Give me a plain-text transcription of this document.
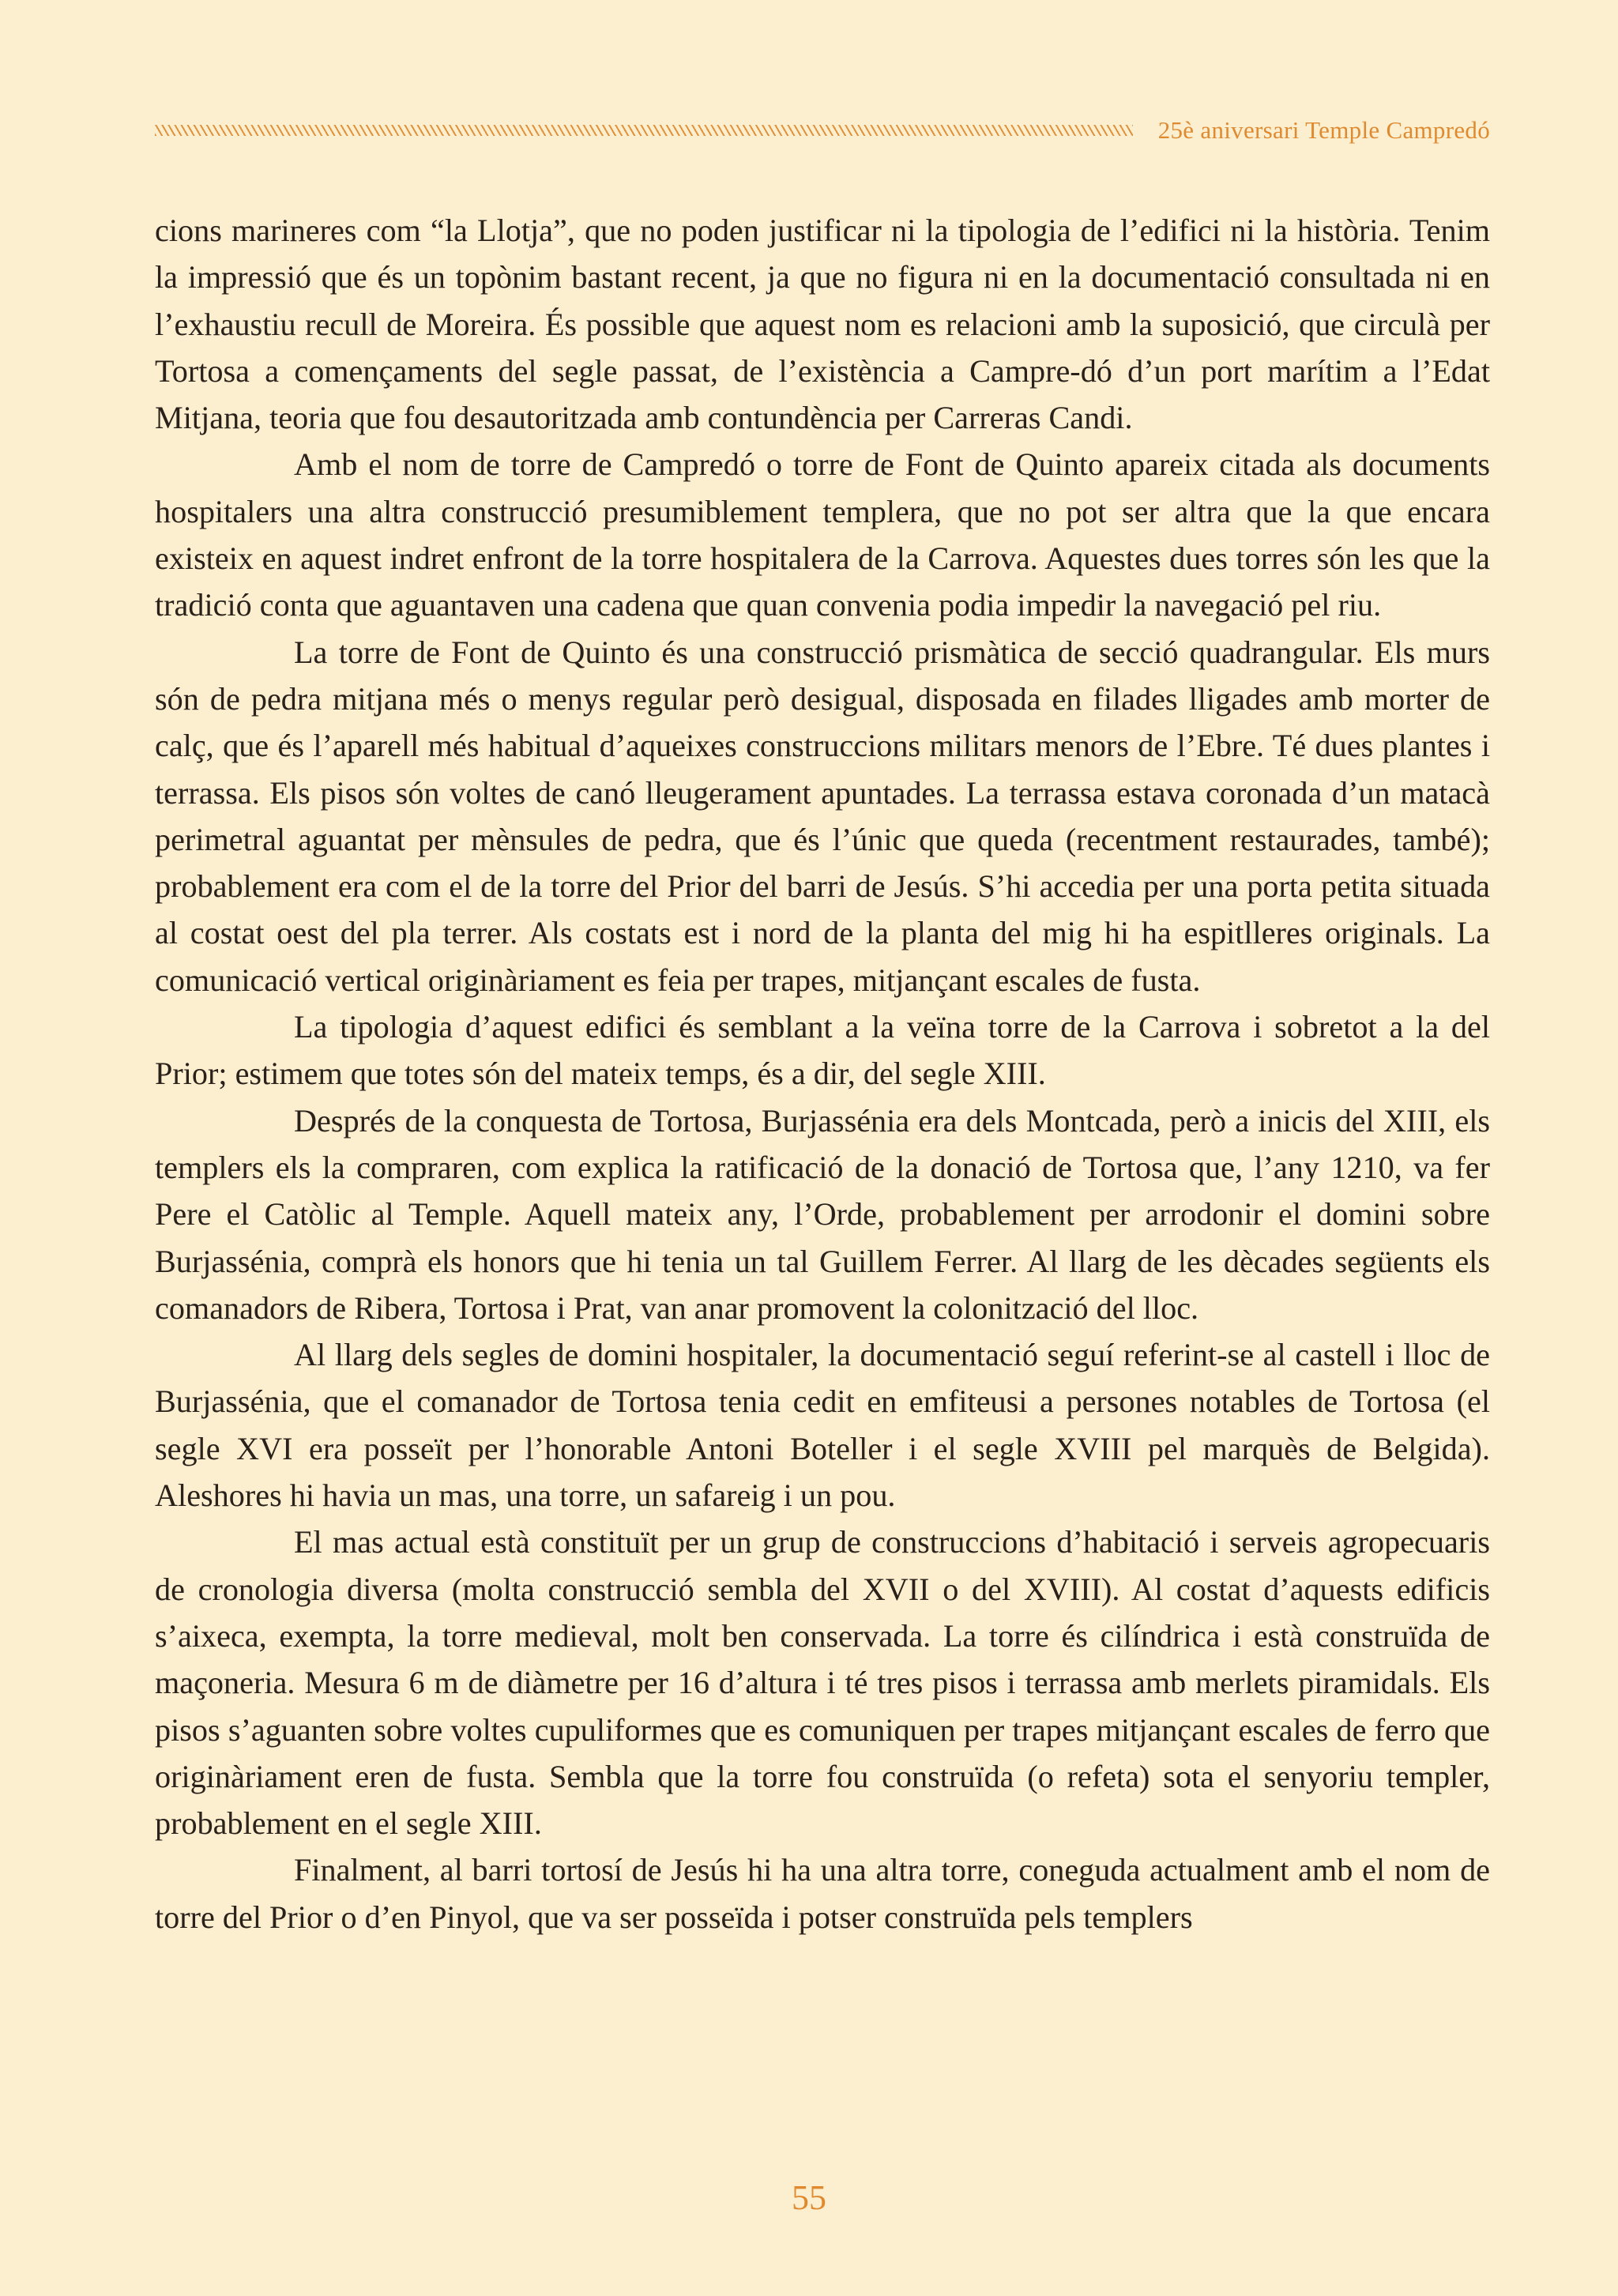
25è aniversari Temple Campredó

cions marineres com “la Llotja”, que no poden justificar ni la tipologia de l’edifici ni la història. Tenim la impressió que és un topònim bastant recent, ja que no figura ni en la documentació consultada ni en l’exhaustiu recull de Moreira. És possible que aquest nom es relacioni amb la suposició, que circulà per Tortosa a començaments del segle passat, de l’existència a Campre-dó d’un port marítim a l’Edat Mitjana, teoria que fou desautoritzada amb contundència per Carreras Candi.

Amb el nom de torre de Campredó o torre de Font de Quinto apareix citada als documents hospitalers una altra construcció presumiblement templera, que no pot ser altra que la que encara existeix en aquest indret enfront de la torre hospitalera de la Carrova. Aquestes dues torres són les que la tradició conta que aguantaven una cadena que quan convenia podia impedir la navegació pel riu.

La torre de Font de Quinto és una construcció prismàtica de secció quadrangular. Els murs són de pedra mitjana més o menys regular però desigual, disposada en filades lligades amb morter de calç, que és l’aparell més habitual d’aqueixes construccions militars menors de l’Ebre. Té dues plantes i terrassa. Els pisos són voltes de canó lleugerament apuntades. La terrassa estava coronada d’un matacà perimetral aguantat per mènsules de pedra, que és l’únic que queda (recentment restaurades, també); probablement era com el de la torre del Prior del barri de Jesús. S’hi accedia per una porta petita situada al costat oest del pla terrer. Als costats est i nord de la planta del mig hi ha espitlleres originals. La comunicació vertical originàriament es feia per trapes, mitjançant escales de fusta.

La tipologia d’aquest edifici és semblant a la veïna torre de la Carrova i sobretot a la del Prior; estimem que totes són del mateix temps, és a dir, del segle XIII.

Després de la conquesta de Tortosa, Burjassénia era dels Montcada, però a inicis del XIII, els templers els la compraren, com explica la ratificació de la donació de Tortosa que, l’any 1210, va fer Pere el Catòlic al Temple. Aquell mateix any, l’Orde, probablement per arrodonir el domini sobre Burjassénia, comprà els honors que hi tenia un tal Guillem Ferrer. Al llarg de les dècades següents els comanadors de Ribera, Tortosa i Prat, van anar promovent la colonització del lloc.

Al llarg dels segles de domini hospitaler, la documentació seguí referint-se al castell i lloc de Burjassénia, que el comanador de Tortosa tenia cedit en emfiteusi a persones notables de Tortosa (el segle XVI era posseït per l’honorable Antoni Boteller i el segle XVIII pel marquès de Belgida). Aleshores hi havia un mas, una torre, un safareig i un pou.

El mas actual està constituït per un grup de construccions d’habitació i serveis agropecuaris de cronologia diversa (molta construcció sembla del XVII o del XVIII). Al costat d’aquests edificis s’aixeca, exempta, la torre medieval, molt ben conservada. La torre és cilíndrica i està construïda de maçoneria. Mesura 6 m de diàmetre per 16 d’altura i té tres pisos i terrassa amb merlets piramidals. Els pisos s’aguanten sobre voltes cupuliformes que es comuniquen per trapes mitjançant escales de ferro que originàriament eren de fusta. Sembla que la torre fou construïda (o refeta) sota el senyoriu templer, probablement en el segle XIII.

Finalment, al barri tortosí de Jesús hi ha una altra torre, coneguda actualment amb el nom de torre del Prior o d’en Pinyol, que va ser posseïda i potser construïda pels templers

55
